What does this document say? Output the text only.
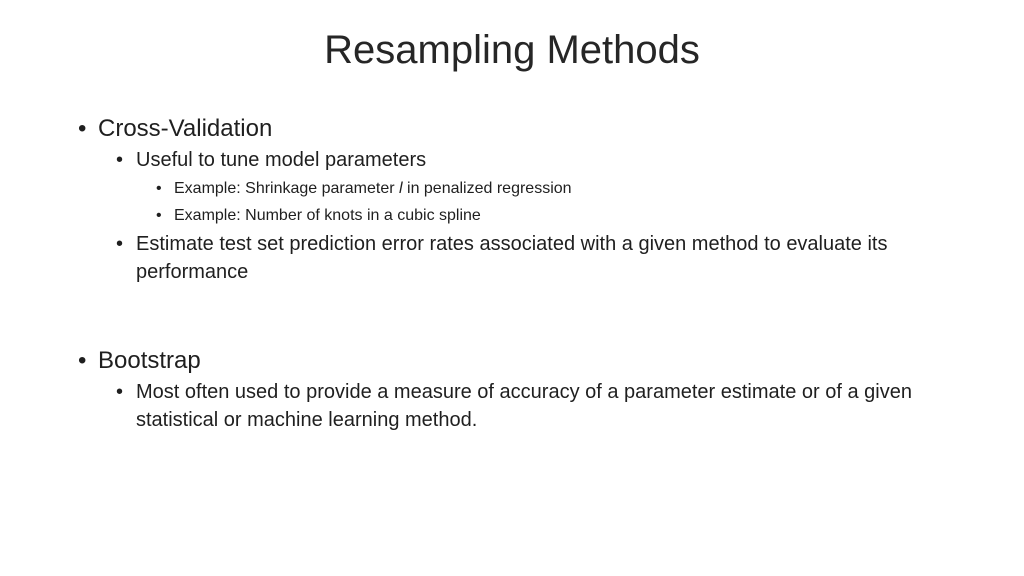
Resampling Methods
• Cross-Validation
• Useful to tune model parameters
• Example: Shrinkage parameter l in penalized regression
• Example: Number of knots in a cubic spline
• Estimate test set prediction error rates associated with a given method to evaluate its performance
• Bootstrap
• Most often used to provide a measure of accuracy of a parameter estimate or of a given statistical or machine learning method.
